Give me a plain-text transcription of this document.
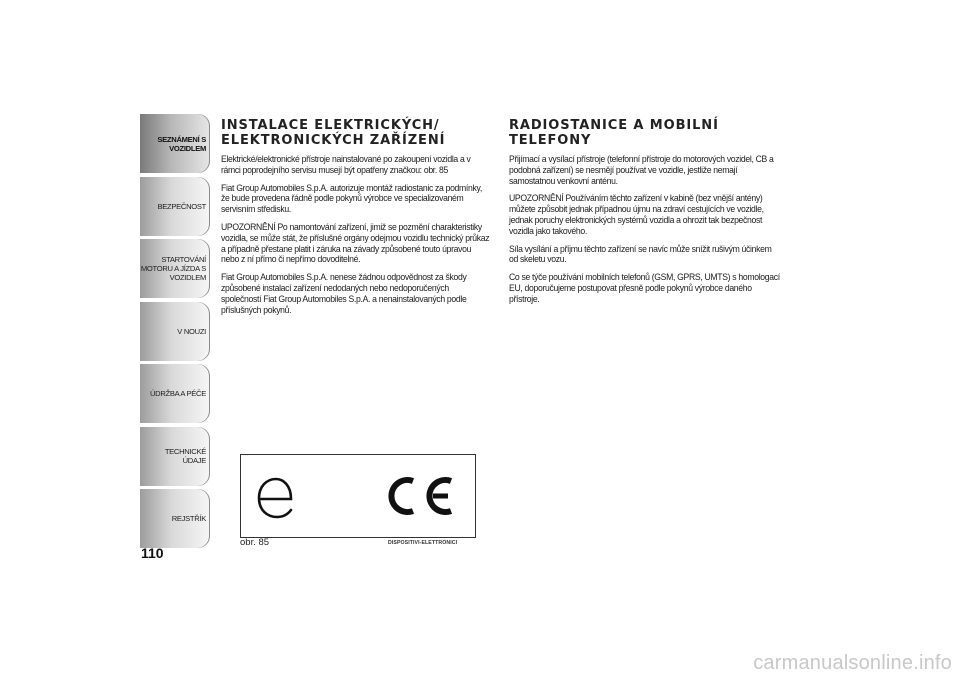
SEZNÁMENÍ S
VOZIDLEM
BEZPEČNOST
STARTOVÁNÍ
MOTORU A JÍZDA S
VOZIDLEM
V NOUZI
ÚDRŽBA A PÉČE
TECHNICKÉ ÚDAJE
REJSTŘÍK
110
INSTALACE ELEKTRICKÝCH/
ELEKTRONICKÝCH ZAŘÍZENÍ

Elektrické/elektronické přístroje nainstalované po zakoupení vozidla a v rámci poprodejního servisu musejí být opatřeny značkou: obr. 85

Fiat Group Automobiles S.p.A. autorizuje montáž radiostanic za podmínky, že bude provedena řádně podle pokynů výrobce ve specializovaném servisním středisku.

UPOZORNĚNÍ Po namontování zařízení, jimiž se pozmění charakteristiky vozidla, se může stát, že příslušné orgány odejmou vozidlu technický průkaz a případně přestane platit i záruka na závady způsobené touto úpravou nebo z ní přímo či nepřímo dovoditelné.

Fiat Group Automobiles S.p.A. nenese žádnou odpovědnost za škody způsobené instalací zařízení nedodaných nebo nedoporučených společností Fiat Group Automobiles S.p.A. a nenainstalovaných podle příslušných pokynů.

RADIOSTANICE A MOBILNÍ TELEFONY

Přijímací a vysílací přístroje (telefonní přístroje do motorových vozidel, CB a podobná zařízení) se nesmějí používat ve vozidle, jestliže nemají samostatnou venkovní anténu.

UPOZORNĚNÍ Používáním těchto zařízení v kabině (bez vnější antény) můžete způsobit jednak případnou újmu na zdraví cestujících ve vozidle, jednak poruchy elektronických systémů vozidla a ohrozit tak bezpečnost vozidla jako takového.

Síla vysílání a příjmu těchto zařízení se navíc může snížit rušivým účinkem od skeletu vozu.

Co se týče používání mobilních telefonů (GSM, GPRS, UMTS) s homologací EU, doporučujeme postupovat přesně podle pokynů výrobce daného přístroje.

obr. 85	DISPOSITIVI-ELETTRONICI
carmanualsonline.info
